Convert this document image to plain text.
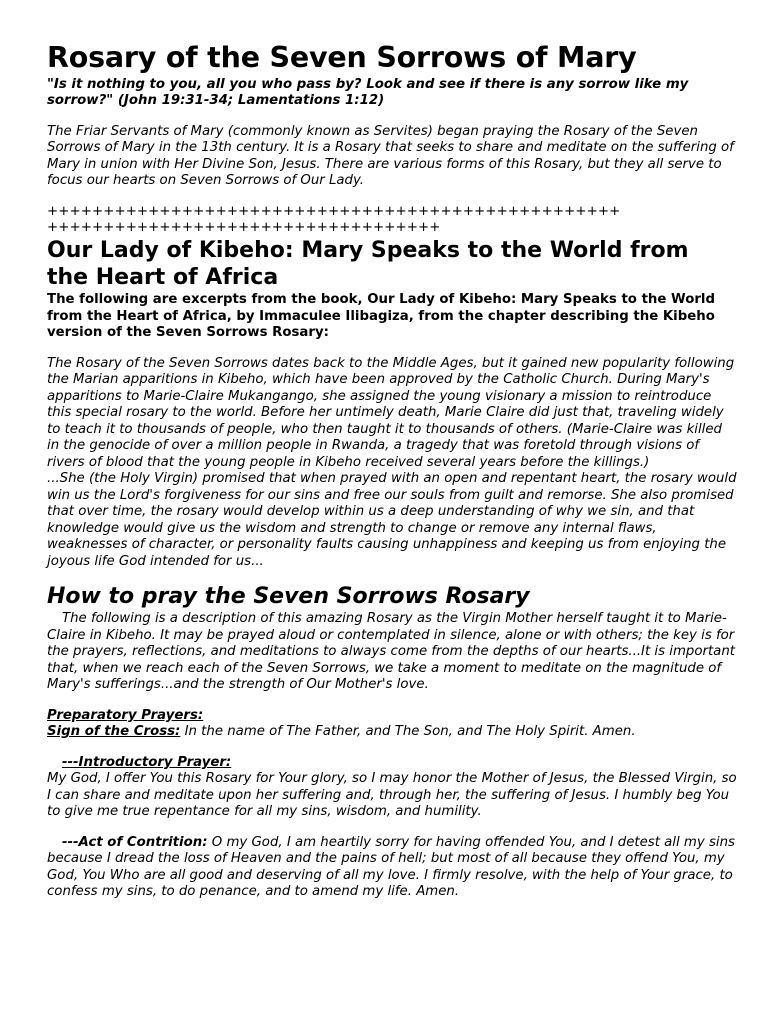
Rosary of the Seven Sorrows of Mary

"Is it nothing to you, all you who pass by? Look and see if there is any sorrow like my sorrow?" (John 19:31-34; Lamentations 1:12)

The Friar Servants of Mary (commonly known as Servites) began praying the Rosary of the Seven Sorrows of Mary in the 13th century. It is a Rosary that seeks to share and meditate on the suffering of Mary in union with Her Divine Son, Jesus. There are various forms of this Rosary, but they all serve to focus our hearts on Seven Sorrows of Our Lady.

+++++++++++++++++++++++++++++++++++++++++++++++++++

+++++++++++++++++++++++++++++++++++

Our Lady of Kibeho: Mary Speaks to the World from the Heart of Africa

The following are excerpts from the book, Our Lady of Kibeho: Mary Speaks to the World from the Heart of Africa, by Immaculee Ilibagiza, from the chapter describing the Kibeho version of the Seven Sorrows Rosary:

The Rosary of the Seven Sorrows dates back to the Middle Ages, but it gained new popularity following the Marian apparitions in Kibeho, which have been approved by the Catholic Church. During Mary's apparitions to Marie-Claire Mukangango, she assigned the young visionary a mission to reintroduce this special rosary to the world. Before her untimely death, Marie Claire did just that, traveling widely to teach it to thousands of people, who then taught it to thousands of others. (Marie-Claire was killed in the genocide of over a million people in Rwanda, a tragedy that was foretold through visions of rivers of blood that the young people in Kibeho received several years before the killings.)

...She (the Holy Virgin) promised that when prayed with an open and repentant heart, the rosary would win us the Lord's forgiveness for our sins and free our souls from guilt and remorse. She also promised that over time, the rosary would develop within us a deep understanding of why we sin, and that knowledge would give us the wisdom and strength to change or remove any internal flaws, weaknesses of character, or personality faults causing unhappiness and keeping us from enjoying the joyous life God intended for us...

How to pray the Seven Sorrows Rosary

The following is a description of this amazing Rosary as the Virgin Mother herself taught it to Marie-Claire in Kibeho. It may be prayed aloud or contemplated in silence, alone or with others; the key is for the prayers, reflections, and meditations to always come from the depths of our hearts...It is important that, when we reach each of the Seven Sorrows, we take a moment to meditate on the magnitude of Mary's sufferings...and the strength of Our Mother's love.

Preparatory Prayers:

Sign of the Cross: In the name of The Father, and The Son, and The Holy Spirit. Amen.

---Introductory Prayer:

My God, I offer You this Rosary for Your glory, so I may honor the Mother of Jesus, the Blessed Virgin, so I can share and meditate upon her suffering and, through her, the suffering of Jesus. I humbly beg You to give me true repentance for all my sins, wisdom, and humility.

---Act of Contrition: O my God, I am heartily sorry for having offended You, and I detest all my sins because I dread the loss of Heaven and the pains of hell; but most of all because they offend You, my God, You Who are all good and deserving of all my love. I firmly resolve, with the help of Your grace, to confess my sins, to do penance, and to amend my life. Amen.
